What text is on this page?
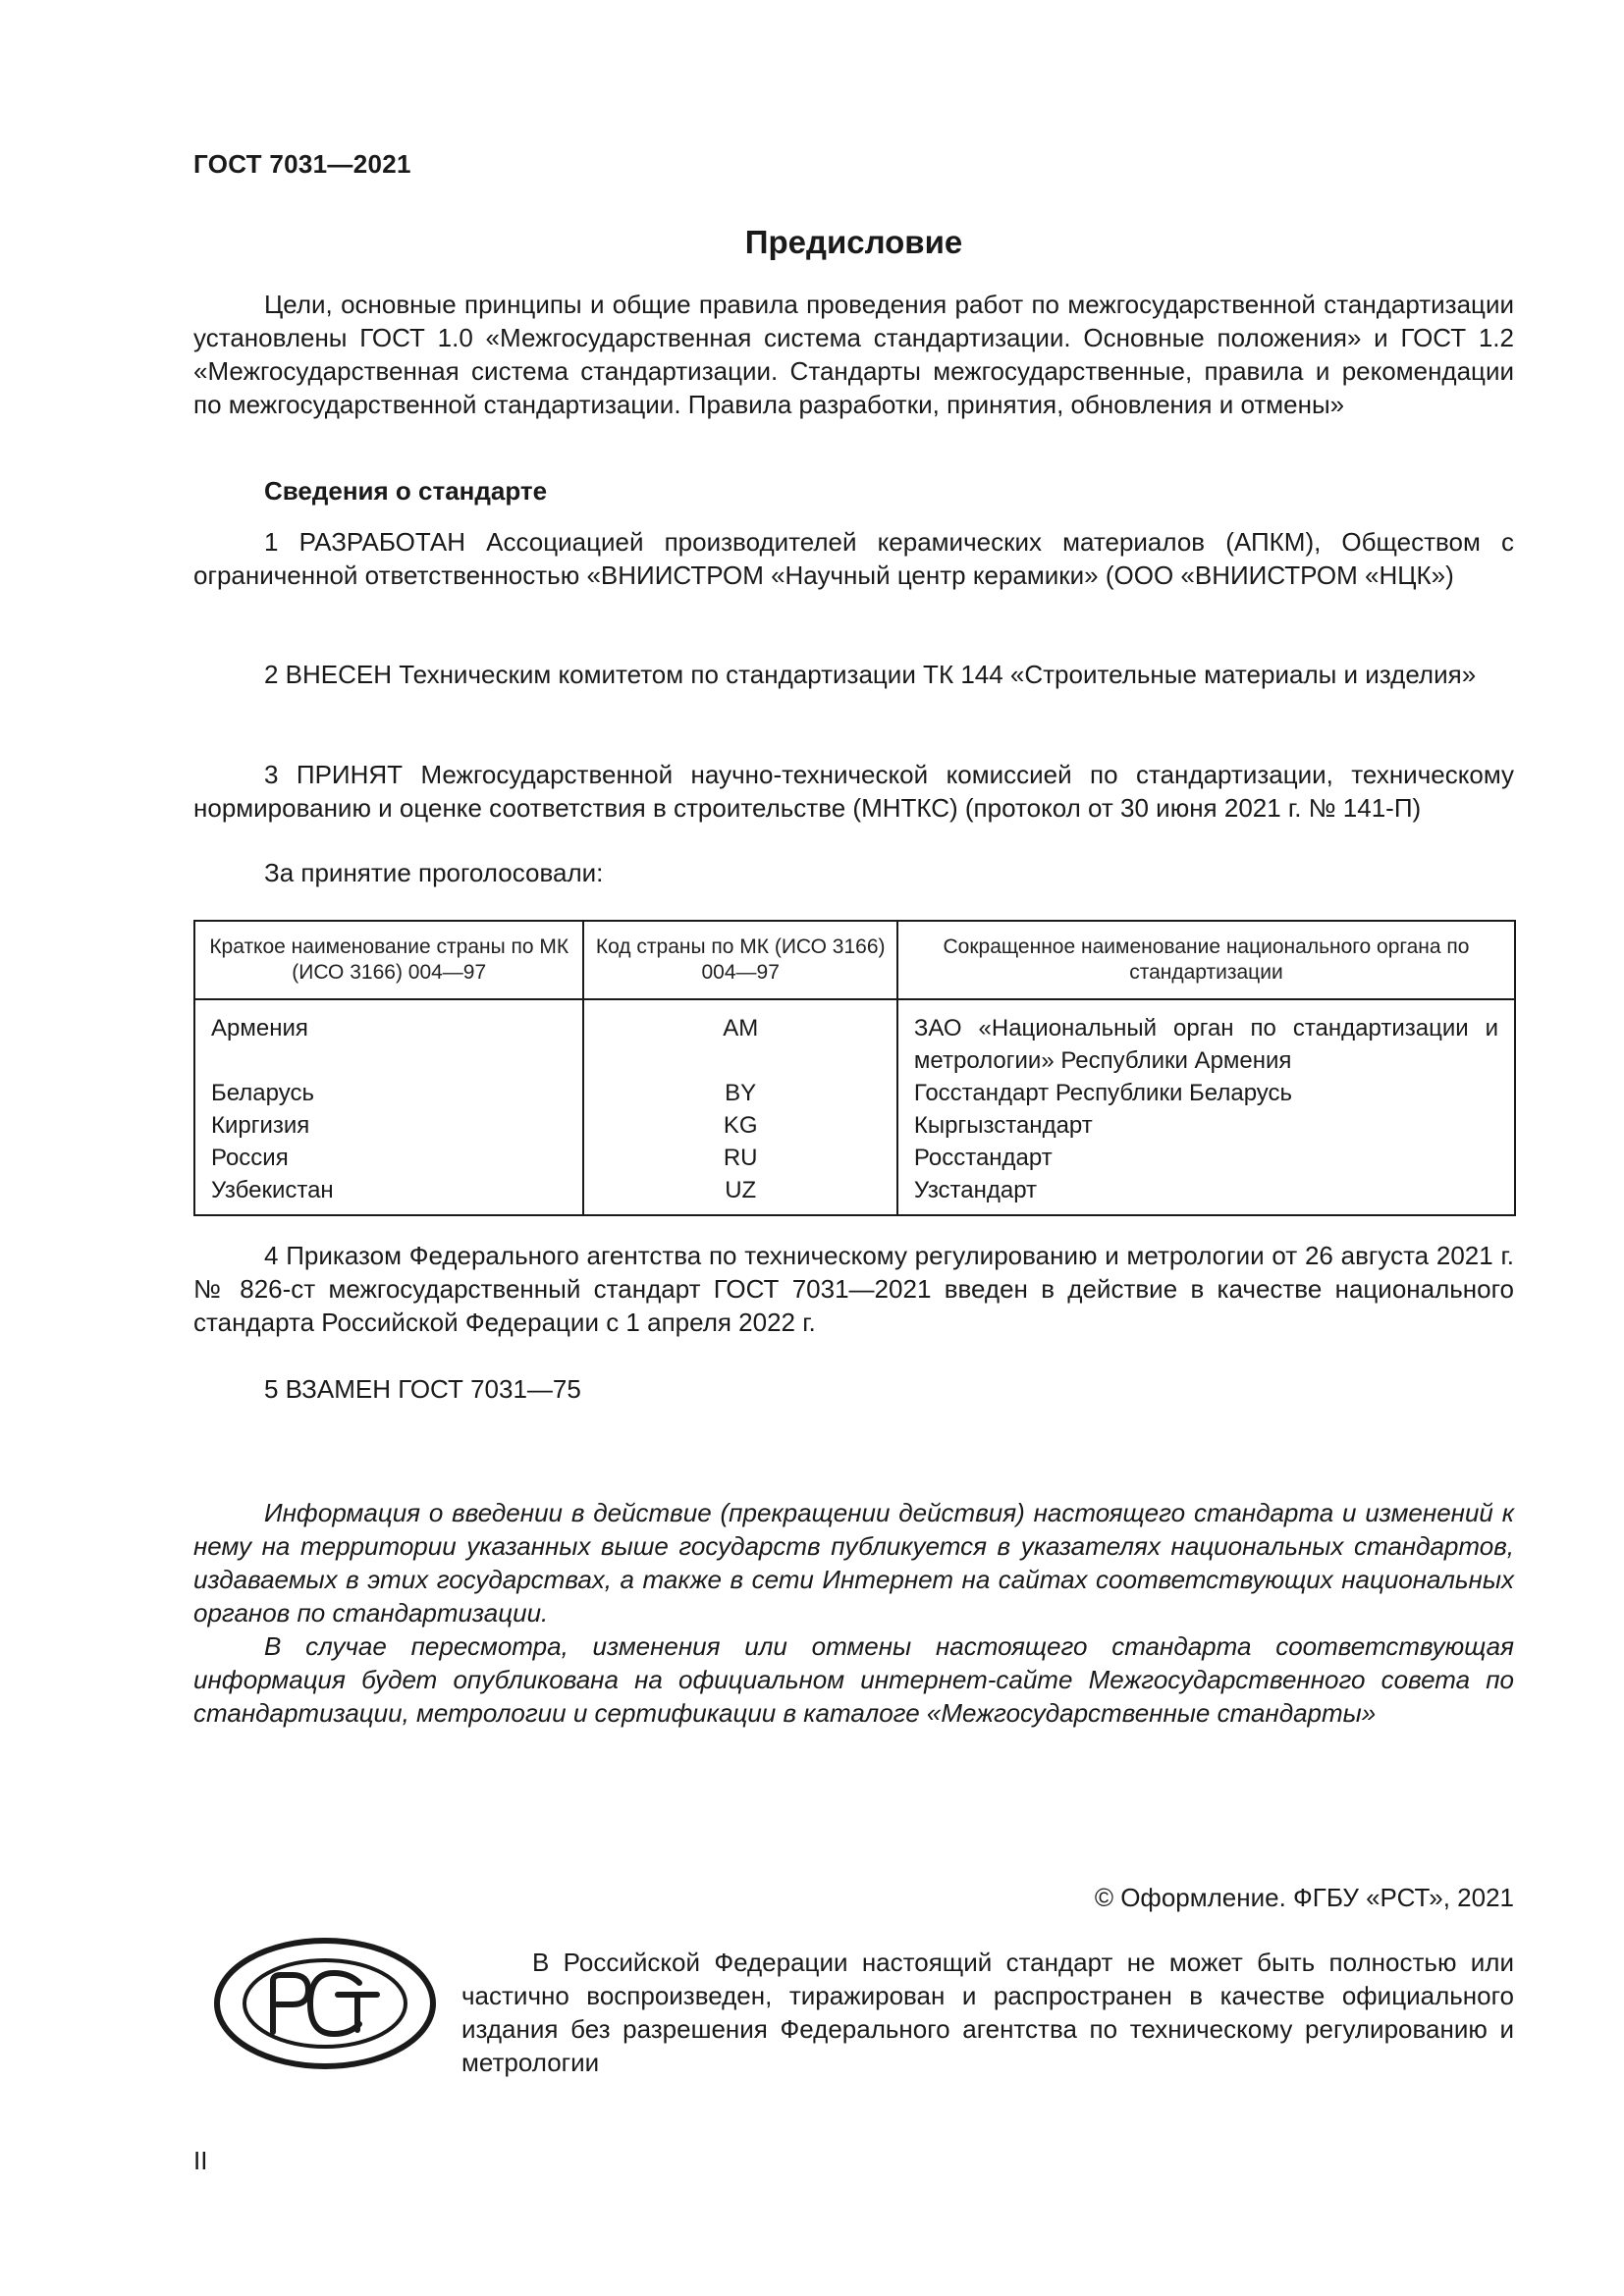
ГОСТ 7031—2021
Предисловие

Цели, основные принципы и общие правила проведения работ по межгосударственной стандартизации установлены ГОСТ 1.0 «Межгосударственная система стандартизации. Основные положения» и ГОСТ 1.2 «Межгосударственная система стандартизации. Стандарты межгосударственные, правила и рекомендации по межгосударственной стандартизации. Правила разработки, принятия, обновления и отмены»

Сведения о стандарте

1 РАЗРАБОТАН Ассоциацией производителей керамических материалов (АПКМ), Обществом с ограниченной ответственностью «ВНИИСТРОМ «Научный центр керамики» (ООО «ВНИИСТРОМ «НЦК»)

2 ВНЕСЕН Техническим комитетом по стандартизации ТК 144 «Строительные материалы и изделия»

3 ПРИНЯТ Межгосударственной научно-технической комиссией по стандартизации, техническому нормированию и оценке соответствия в строительстве (МНТКС) (протокол от 30 июня 2021 г. № 141-П)

За принятие проголосовали:
Краткое наименование страны по МК (ИСО 3166) 004—97	Код страны по МК (ИСО 3166) 004—97	Сокращенное наименование национального органа по стандартизации
Армения	AM	ЗАО «Национальный орган по стандартизации и метрологии» Республики Армения
Беларусь	BY	Госстандарт Республики Беларусь
Киргизия	KG	Кыргызстандарт
Россия	RU	Росстандарт
Узбекистан	UZ	Узстандарт

4 Приказом Федерального агентства по техническому регулированию и метрологии от 26 августа 2021 г. № 826-ст межгосударственный стандарт ГОСТ 7031—2021 введен в действие в качестве национального стандарта Российской Федерации с 1 апреля 2022 г.

5 ВЗАМЕН ГОСТ 7031—75

Информация о введении в действие (прекращении действия) настоящего стандарта и изменений к нему на территории указанных выше государств публикуется в указателях национальных стандартов, издаваемых в этих государствах, а также в сети Интернет на сайтах соответствующих национальных органов по стандартизации.

В случае пересмотра, изменения или отмены настоящего стандарта соответствующая информация будет опубликована на официальном интернет-сайте Межгосударственного совета по стандартизации, метрологии и сертификации в каталоге «Межгосударственные стандарты»

© Оформление. ФГБУ «РСТ», 2021

В Российской Федерации настоящий стандарт не может быть полностью или частично воспроизведен, тиражирован и распространен в качестве официального издания без разрешения Федерального агентства по техническому регулированию и метрологии

II
